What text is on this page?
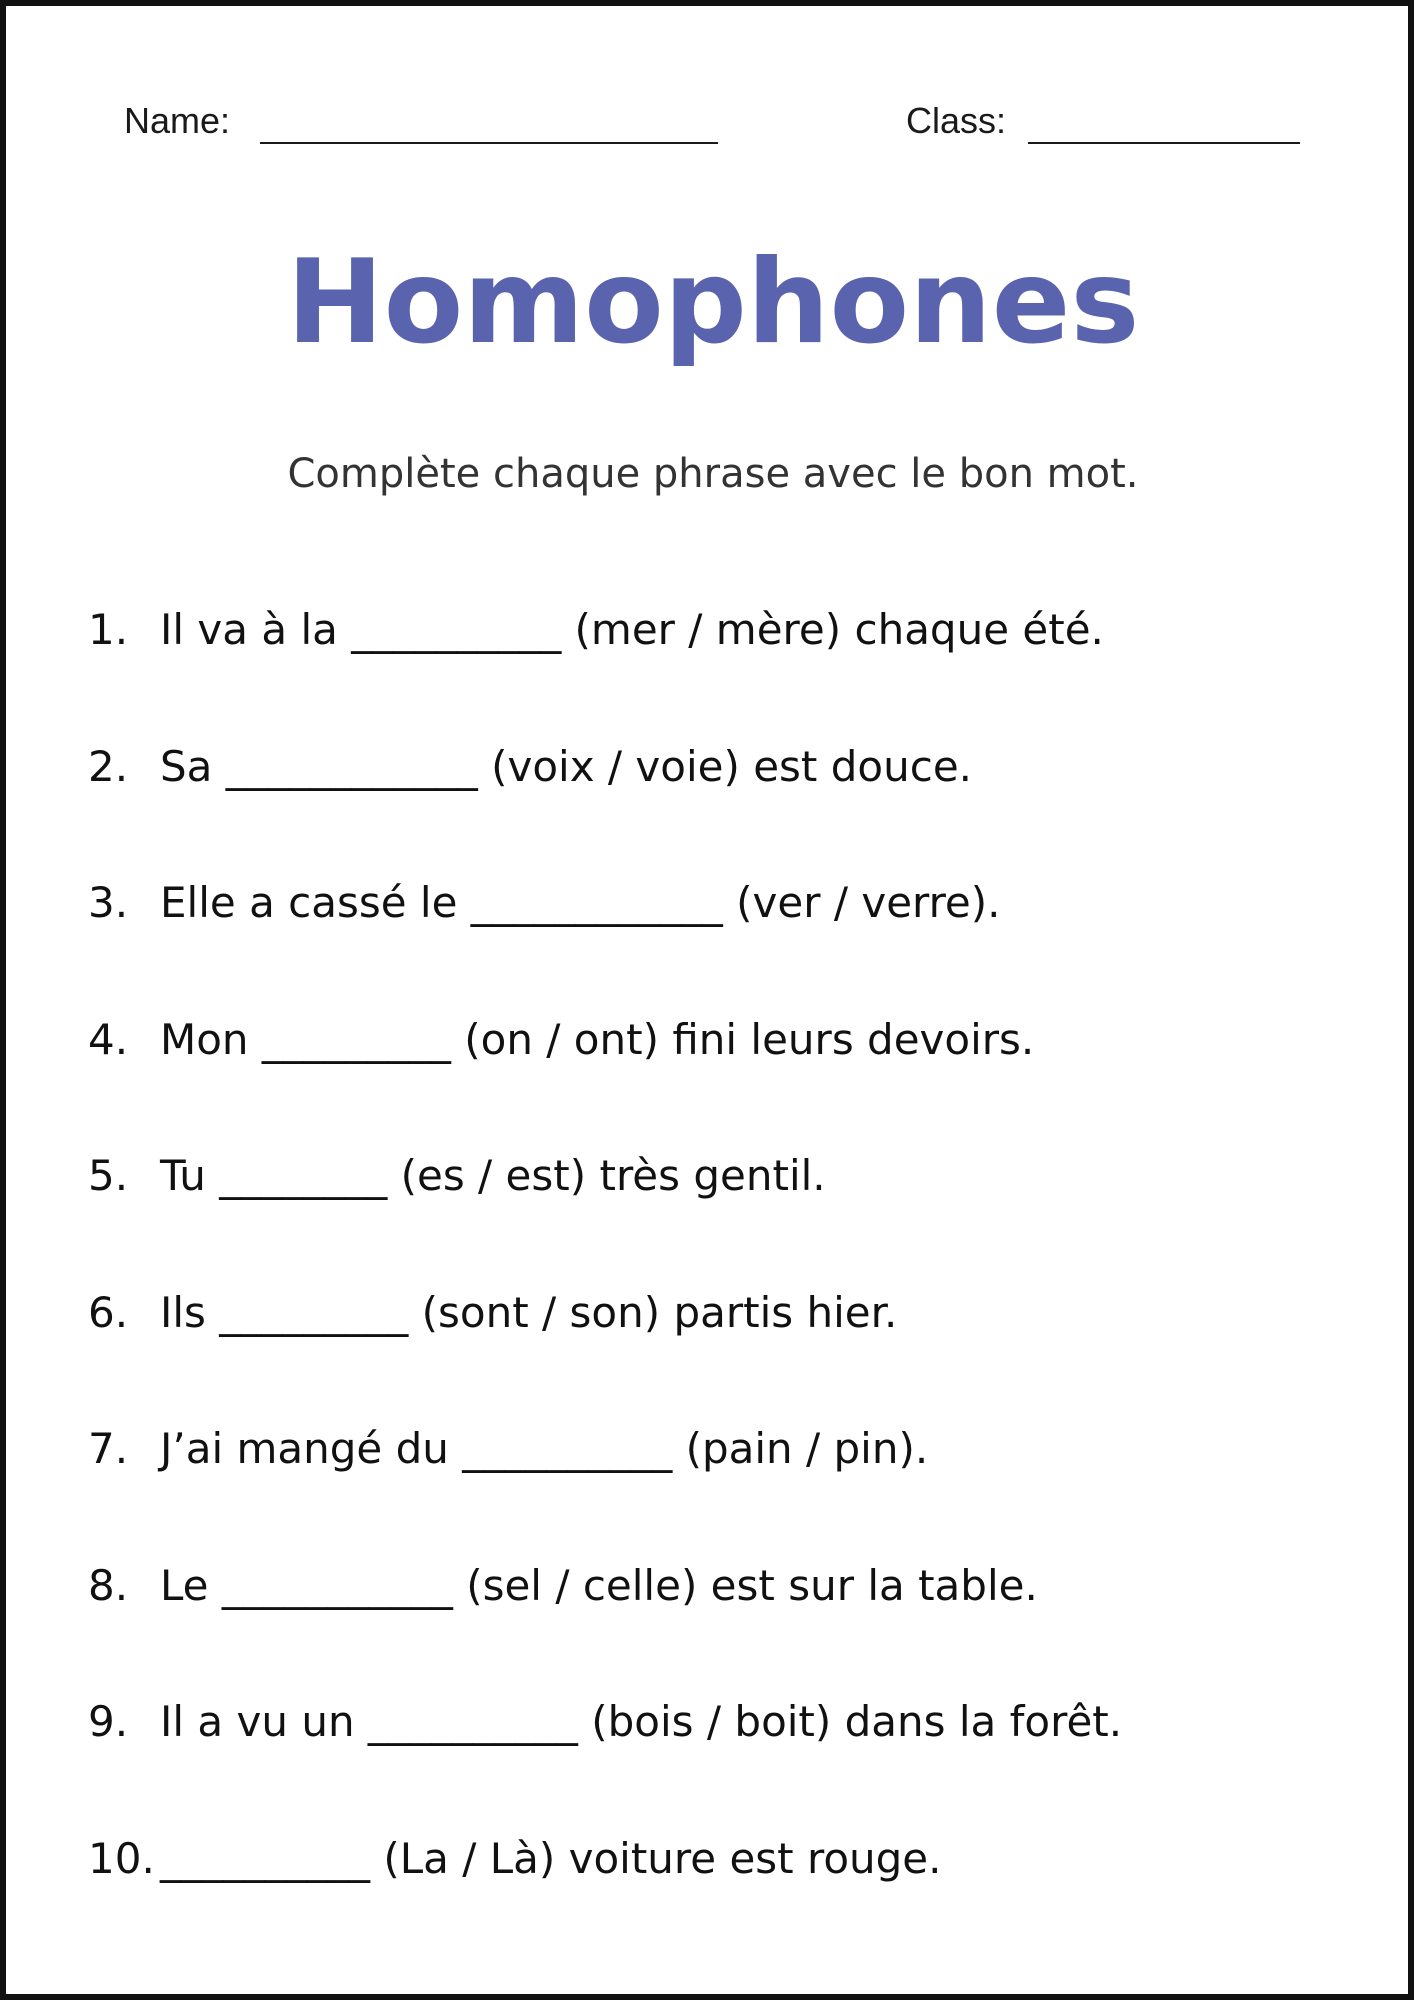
Name:	Class:
Homophones
Complète chaque phrase avec le bon mot.
1. Il va à la __________ (mer / mère) chaque été.
2. Sa ____________ (voix / voie) est douce.
3. Elle a cassé le ____________ (ver / verre).
4. Mon _________ (on / ont) fini leurs devoirs.
5. Tu ________ (es / est) très gentil.
6. Ils _________ (sont / son) partis hier.
7. J’ai mangé du __________ (pain / pin).
8. Le ___________ (sel / celle) est sur la table.
9. Il a vu un __________ (bois / boit) dans la forêt.
10. __________ (La / Là) voiture est rouge.
